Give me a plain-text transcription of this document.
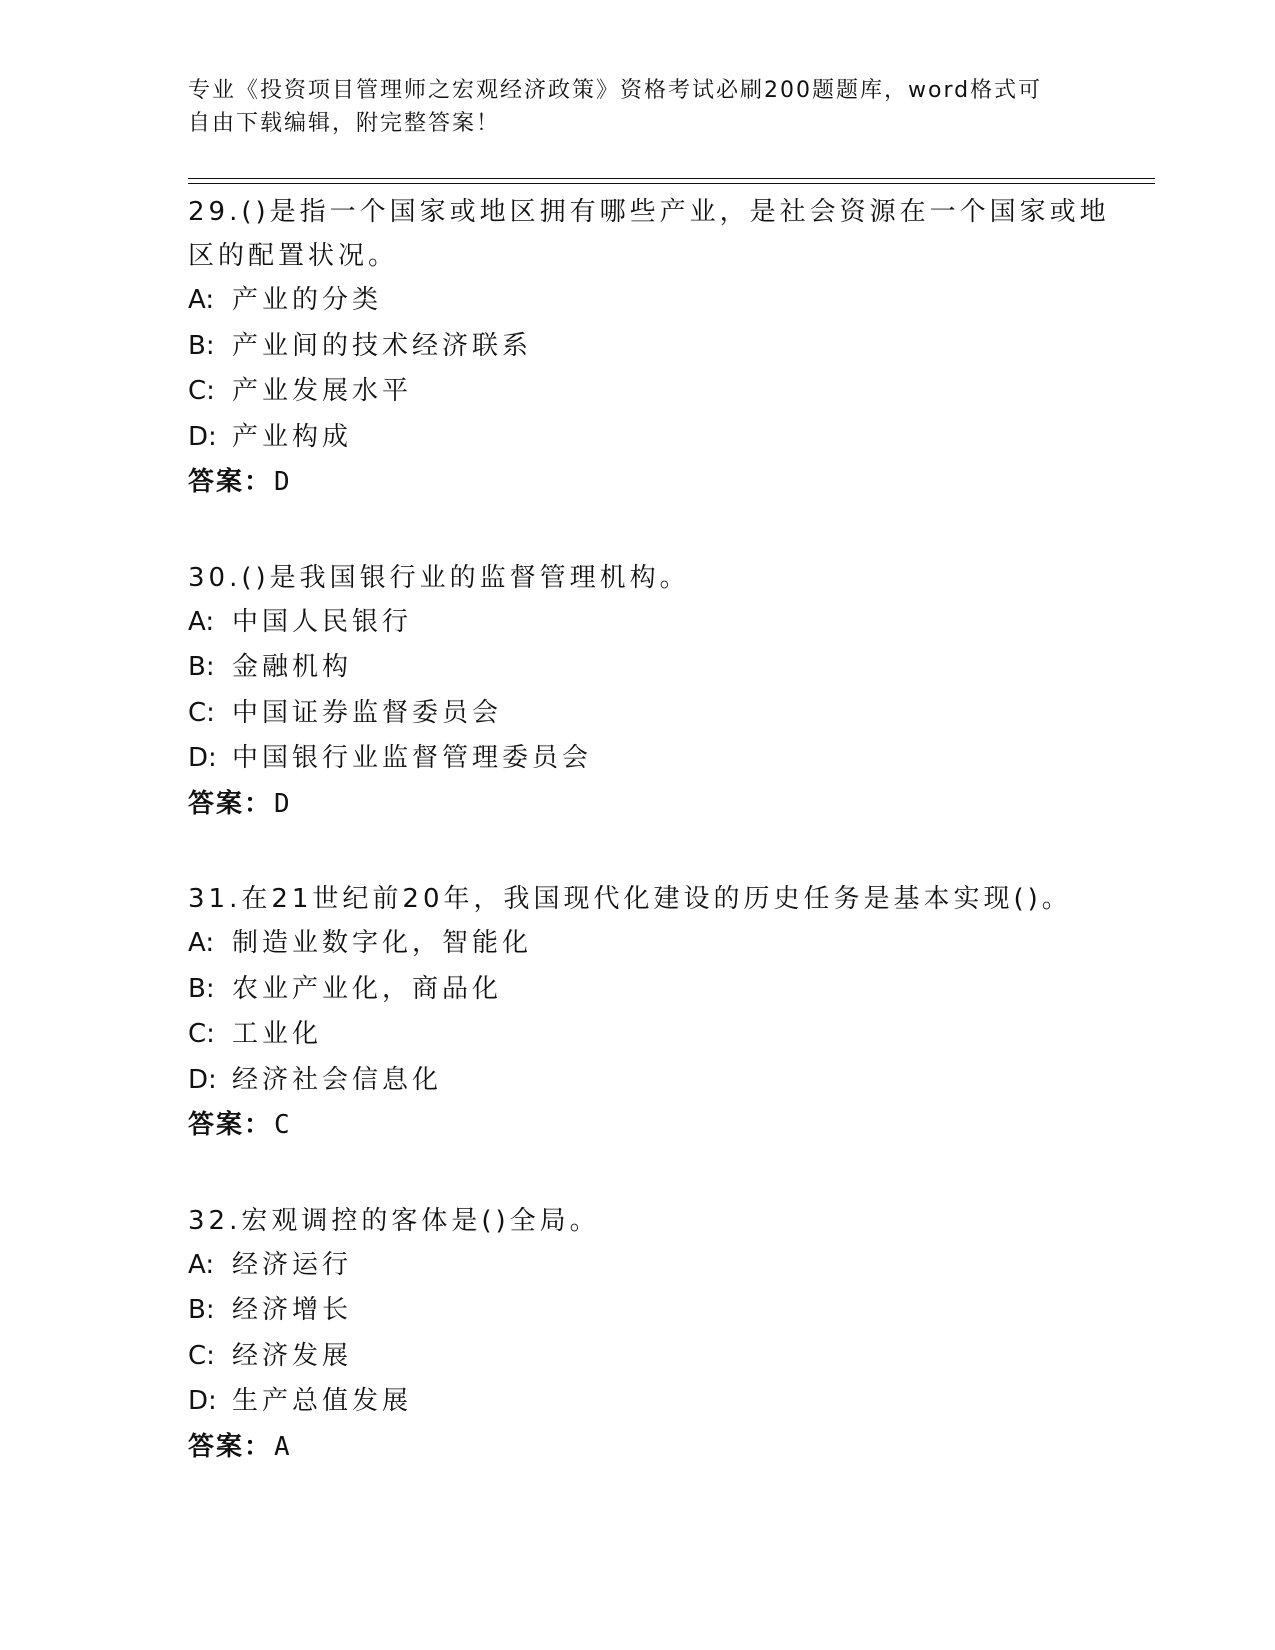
专业《投资项目管理师之宏观经济政策》资格考试必刷200题题库，word格式可
自由下载编辑，附完整答案！

29.()是指一个国家或地区拥有哪些产业，是社会资源在一个国家或地区的配置状况。

A: 产业的分类

B: 产业间的技术经济联系

C: 产业发展水平

D: 产业构成

答案：D

30.()是我国银行业的监督管理机构。

A: 中国人民银行

B: 金融机构

C: 中国证券监督委员会

D: 中国银行业监督管理委员会

答案：D

31.在21世纪前20年，我国现代化建设的历史任务是基本实现()。

A: 制造业数字化，智能化

B: 农业产业化，商品化

C: 工业化

D: 经济社会信息化

答案：C

32.宏观调控的客体是()全局。

A: 经济运行

B: 经济增长

C: 经济发展

D: 生产总值发展

答案：A
